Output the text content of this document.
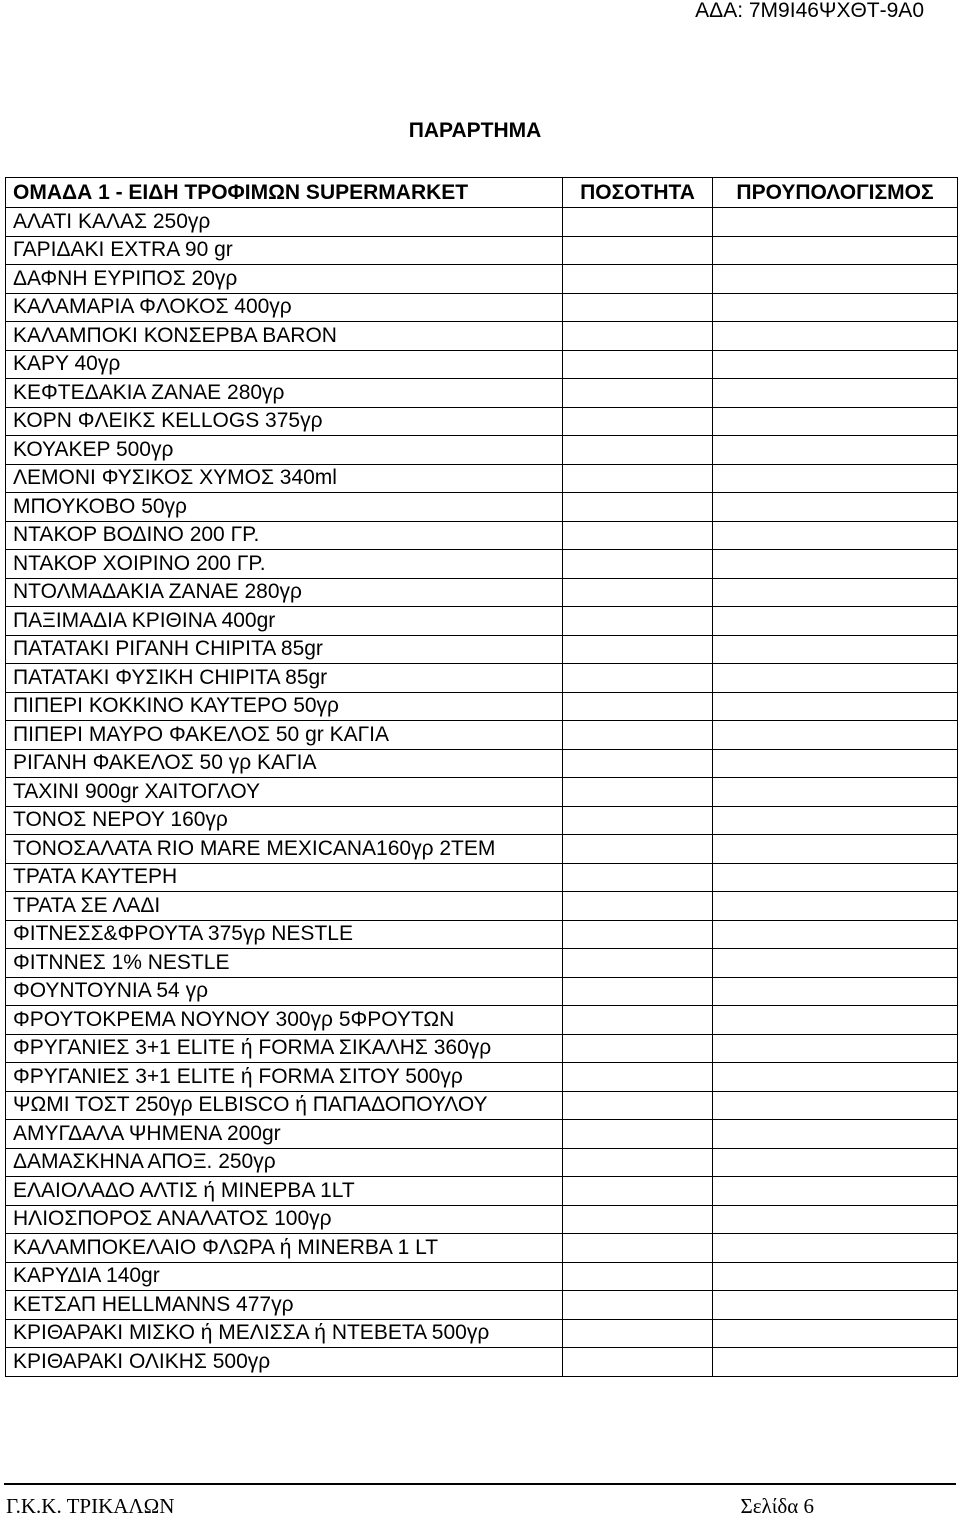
ΑΔΑ: 7Μ9Ι46ΨΧΘΤ-9Α0
ΠΑΡΑΡΤΗΜΑ
ΟΜΑΔΑ 1 - ΕΙΔΗ ΤΡΟΦΙΜΩΝ SUPERMARKET	ΠΟΣΟΤΗΤΑ	ΠΡΟΥΠΟΛΟΓΙΣΜΟΣ
ΑΛΑΤΙ ΚΑΛΑΣ 250γρ		
ΓΑΡΙΔΑΚΙ EXTRA 90 gr		
ΔΑΦΝΗ ΕΥΡΙΠΟΣ 20γρ		
ΚΑΛΑΜΑΡΙΑ ΦΛΟΚΟΣ 400γρ		
ΚΑΛΑΜΠΟΚΙ ΚΟΝΣΕΡΒΑ BARON		
ΚΑΡΥ 40γρ		
ΚΕΦΤΕΔΑΚΙΑ ΖΑΝΑΕ 280γρ		
ΚΟΡΝ ΦΛΕΙΚΣ KELLOGS 375γρ		
ΚΟΥΑΚΕΡ 500γρ		
ΛΕΜΟΝΙ ΦΥΣΙΚΟΣ ΧΥΜΟΣ 340ml		
ΜΠΟΥΚΟΒΟ 50γρ		
ΝΤΑΚΟΡ ΒΟΔΙΝΟ 200 ΓΡ.		
ΝΤΑΚΟΡ ΧΟΙΡΙΝΟ 200 ΓΡ.		
ΝΤΟΛΜΑΔΑΚΙΑ ΖΑΝΑΕ 280γρ		
ΠΑΞΙΜΑΔΙΑ ΚΡΙΘΙΝΑ 400gr		
ΠΑΤΑΤΑΚΙ ΡΙΓΑΝΗ CHIPITA 85gr		
ΠΑΤΑΤΑΚΙ ΦΥΣΙΚΗ CHIPITA 85gr		
ΠΙΠΕΡΙ ΚΟΚΚΙΝΟ ΚΑΥΤΕΡΟ 50γρ		
ΠΙΠΕΡΙ ΜΑΥΡΟ ΦΑΚΕΛΟΣ 50 gr ΚΑΓΙΑ		
ΡΙΓΑΝΗ ΦΑΚΕΛΟΣ 50 γρ ΚΑΓΙΑ		
ΤΑΧΙΝΙ 900gr ΧΑΙΤΟΓΛΟΥ		
ΤΟΝΟΣ ΝΕΡΟΥ 160γρ		
ΤΟΝΟΣΑΛΑΤΑ RIO MARE MEXICANA160γρ 2ΤΕΜ		
ΤΡΑΤΑ ΚΑΥΤΕΡΗ		
ΤΡΑΤΑ ΣΕ ΛΑΔΙ		
ΦΙΤΝΕΣΣ&ΦΡΟΥΤΑ 375γρ NESTLE		
ΦΙΤΝΝΕΣ 1% NESTLE		
ΦΟΥΝΤΟΥΝΙΑ 54 γρ		
ΦΡΟΥΤΟΚΡΕΜΑ ΝΟΥΝΟΥ 300γρ 5ΦΡΟΥΤΩΝ		
ΦΡΥΓΑΝΙΕΣ 3+1 ELITE ή FORMA ΣΙΚΑΛΗΣ 360γρ		
ΦΡΥΓΑΝΙΕΣ 3+1 ELITE ή FORMA ΣΙΤΟΥ 500γρ		
ΨΩΜΙ ΤΟΣΤ 250γρ ELBISCO ή ΠΑΠΑΔΟΠΟΥΛΟΥ		
ΑΜΥΓΔΑΛΑ ΨΗΜΕΝΑ 200gr		
ΔΑΜΑΣΚΗΝΑ ΑΠΟΞ. 250γρ		
ΕΛΑΙΟΛΑΔΟ ΑΛΤΙΣ ή ΜΙΝΕΡΒΑ 1LT		
ΗΛΙΟΣΠΟΡΟΣ ΑΝΑΛΑΤΟΣ 100γρ		
ΚΑΛΑΜΠΟΚΕΛΑΙΟ ΦΛΩΡΑ ή MINERBA 1 LT		
ΚΑΡΥΔΙΑ 140gr		
ΚΕΤΣΑΠ HELLMANNS 477γρ		
ΚΡΙΘΑΡΑΚΙ ΜΙΣΚΟ ή ΜΕΛΙΣΣΑ ή ΝΤΕΒΕΤΑ 500γρ		
ΚΡΙΘΑΡΑΚΙ ΟΛΙΚΗΣ 500γρ		
Γ.Κ.Κ. ΤΡΙΚΑΛΩΝ	Σελίδα 6
